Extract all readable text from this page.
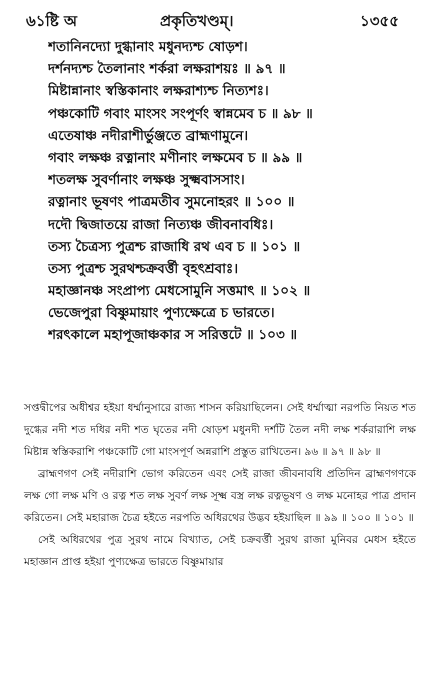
৬১ষ্টি অ	প্রকৃতিখণ্ডম্।	১৩৫৫
শতানিনদ্যো দুগ্ধানাং মধুনদ্যশ্চ ষোড়শ।
দর্শনদ্যশ্চ তৈলানাং শর্করা লক্ষরাশয়ঃ ॥ ৯৭ ॥
মিষ্টান্নানাং স্বস্তিকানাং লক্ষরাশ্যশ্চ নিত্যশঃ।
পঞ্চকোটি গবাং মাংসং সংপূর্ণং স্বান্নমেব চ ॥ ৯৮ ॥
এতেষাঞ্চ নদীরাশীর্ভুঞ্জতে ব্রাহ্মণামুনে।
গবাং লক্ষঞ্চ রত্নানাং মণীনাং লক্ষমেব চ ॥ ৯৯ ॥
শতলক্ষ সুবর্ণানাং লক্ষঞ্চ সুক্ষ্মবাসসাং।
রত্নানাং ভূষণং পাত্রমতীব সুমনোহরং ॥ ১০০ ॥
দদৌ দ্বিজাতয়ে রাজা নিত্যঞ্চ জীবনাবধিঃ।
তস্য চৈত্রস্য পুত্রশ্চ রাজাধি রথ এব চ ॥ ১০১ ॥
তস্য পুত্রশ্চ সুরথশ্চক্রবর্ত্তী বৃহৎশ্রবাঃ।
মহাজ্ঞানঞ্চ সংপ্রাপ্য মেধসোমুনি সত্তমাৎ ॥ ১০২ ॥
ভেজেপুরা বিষ্ণুমায়াং পুণ্যক্ষেত্রে চ ভারতে।
শরৎকালে মহাপূজাঞ্চকার স সরিত্তটে ॥ ১০৩ ॥

সপ্তদ্বীপের অধীশ্বর হইয়া ধর্ম্মানুসারে রাজ্য শাসন করিয়াছিলেন। সেই ধর্ম্মাত্মা নরপতি নিয়ত শত দুগ্ধের নদী শত দধির নদী শত ঘৃতের নদী ষোড়শ মধুনদী দর্শটি তৈল নদী লক্ষ শর্করারাশি লক্ষ মিষ্টান্ন স্বস্তিকরাশি পঞ্চকোটি গো মাংসপূর্ণ অন্নরাশি প্রস্তুত রাখিতেন। ৯৬ ॥ ৯৭ ॥ ৯৮ ॥

ব্রাহ্মণগণ সেই নদীরাশি ভোগ করিতেন এবং সেই রাজা জীবনাবধি প্রতিদিন ব্রাহ্মণগণকে লক্ষ গো লক্ষ মণি ও রত্ন শত লক্ষ সুবর্ণ লক্ষ সূক্ষ্ম বস্ত্র লক্ষ রত্নভূষণ ও লক্ষ মনোহর পাত্র প্রদান করিতেন। সেই মহারাজ চৈত্র হইতে নরপতি অধিরথের উদ্ভব হইয়াছিল ॥ ৯৯ ॥ ১০০ ॥ ১০১ ॥

সেই অধিরথের পুত্র সুরথ নামে বিখ্যাত, সেই চক্রবর্ত্তী সুরথ রাজা মুনিবর মেধস হইতে মহাজ্ঞান প্রাপ্ত হইয়া পুণ্যক্ষেত্র ভারতে বিষ্ণুমায়ার
